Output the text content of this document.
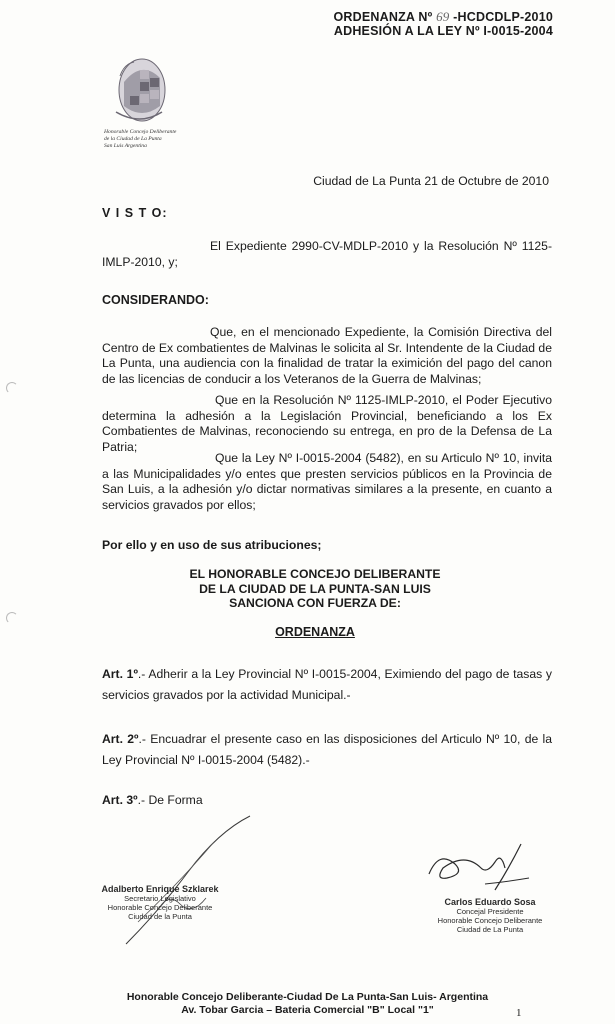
ORDENANZA Nº 69 -HCDCDLP-2010
ADHESIÓN A LA LEY Nº I-0015-2004
Honorable Concejo Deliberante
de la Ciudad de La Punta
San Luis Argentina
Ciudad de La Punta 21 de Octubre de 2010
V I S T O:
El Expediente 2990-CV-MDLP-2010 y la Resolución Nº 1125-IMLP-2010, y;
CONSIDERANDO:
Que, en el mencionado Expediente, la Comisión Directiva del Centro de Ex combatientes de Malvinas le solicita al Sr. Intendente de la Ciudad de La Punta, una audiencia con la finalidad de tratar la eximición del pago del canon de las licencias de conducir a los Veteranos de la Guerra de Malvinas;
Que en la Resolución Nº 1125-IMLP-2010, el Poder Ejecutivo determina la adhesión a la Legislación Provincial, beneficiando a los Ex Combatientes de Malvinas, reconociendo su entrega, en pro de la Defensa de La Patria;
Que la Ley Nº I-0015-2004 (5482), en su Articulo Nº 10, invita a las Municipalidades y/o entes que presten servicios públicos en la Provincia de San Luis, a la adhesión y/o dictar normativas similares a la presente, en cuanto a servicios gravados por ellos;
Por ello y en uso de sus atribuciones;
EL HONORABLE CONCEJO DELIBERANTE
DE LA CIUDAD DE LA PUNTA-SAN LUIS
SANCIONA CON FUERZA DE:
ORDENANZA
Art. 1º.- Adherir a la Ley Provincial Nº I-0015-2004, Eximiendo del pago de tasas y servicios gravados por la actividad Municipal.-
Art. 2º.- Encuadrar el presente caso en las disposiciones del Articulo Nº 10, de la Ley Provincial Nº I-0015-2004 (5482).-
Art. 3º.- De Forma
Adalberto Enrique Szklarek
Secretario Legislativo
Honorable Concejo Deliberante
Ciudad de la Punta
Carlos Eduardo Sosa
Concejal Presidente
Honorable Concejo Deliberante
Ciudad de La Punta
Honorable Concejo Deliberante-Ciudad De La Punta-San Luis- Argentina
Av. Tobar Garcia – Bateria Comercial "B" Local "1"	1
